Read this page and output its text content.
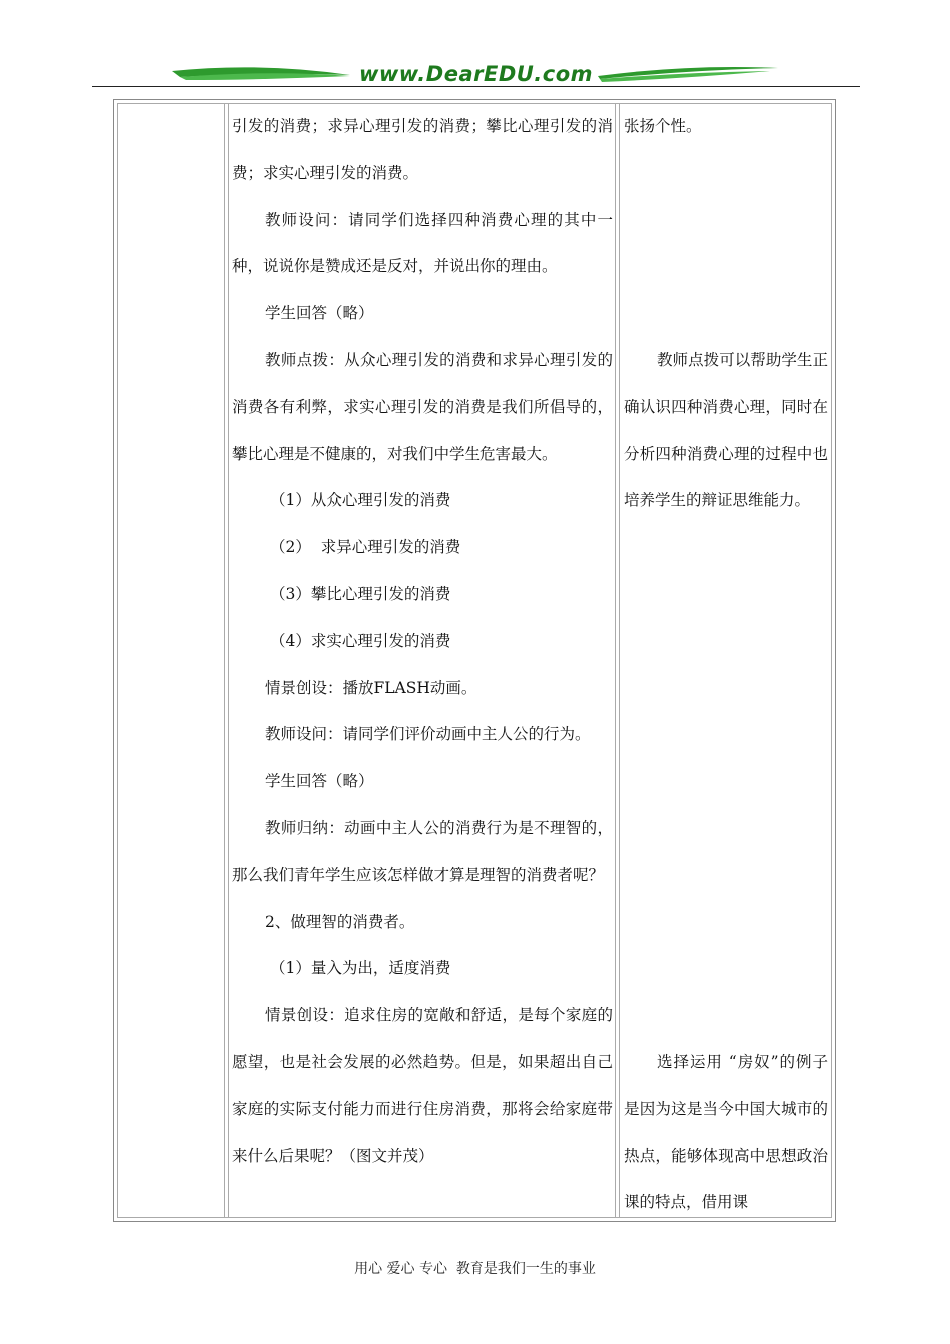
www.DearEDU.com

引发的消费；求异心理引发的消费；攀比心理引发的消费；求实心理引发的消费。

教师设问：请同学们选择四种消费心理的其中一种，说说你是赞成还是反对，并说出你的理由。

学生回答（略）

教师点拨：从众心理引发的消费和求异心理引发的消费各有利弊，求实心理引发的消费是我们所倡导的，攀比心理是不健康的，对我们中学生危害最大。

（1）从众心理引发的消费

（2）  求异心理引发的消费

（3）攀比心理引发的消费

（4）求实心理引发的消费

情景创设：播放FLASH动画。

教师设问：请同学们评价动画中主人公的行为。

学生回答（略）

教师归纳：动画中主人公的消费行为是不理智的，那么我们青年学生应该怎样做才算是理智的消费者呢？

2、做理智的消费者。

（1）量入为出，适度消费

情景创设：追求住房的宽敞和舒适，是每个家庭的愿望，也是社会发展的必然趋势。但是，如果超出自己家庭的实际支付能力而进行住房消费，那将会给家庭带来什么后果呢？（图文并茂）

张扬个性。

教师点拨可以帮助学生正确认识四种消费心理，同时在分析四种消费心理的过程中也培养学生的辩证思维能力。

选择运用 “房奴”的例子是因为这是当今中国大城市的热点，能够体现高中思想政治课的特点，借用课

用心 爱心 专心  教育是我们一生的事业
